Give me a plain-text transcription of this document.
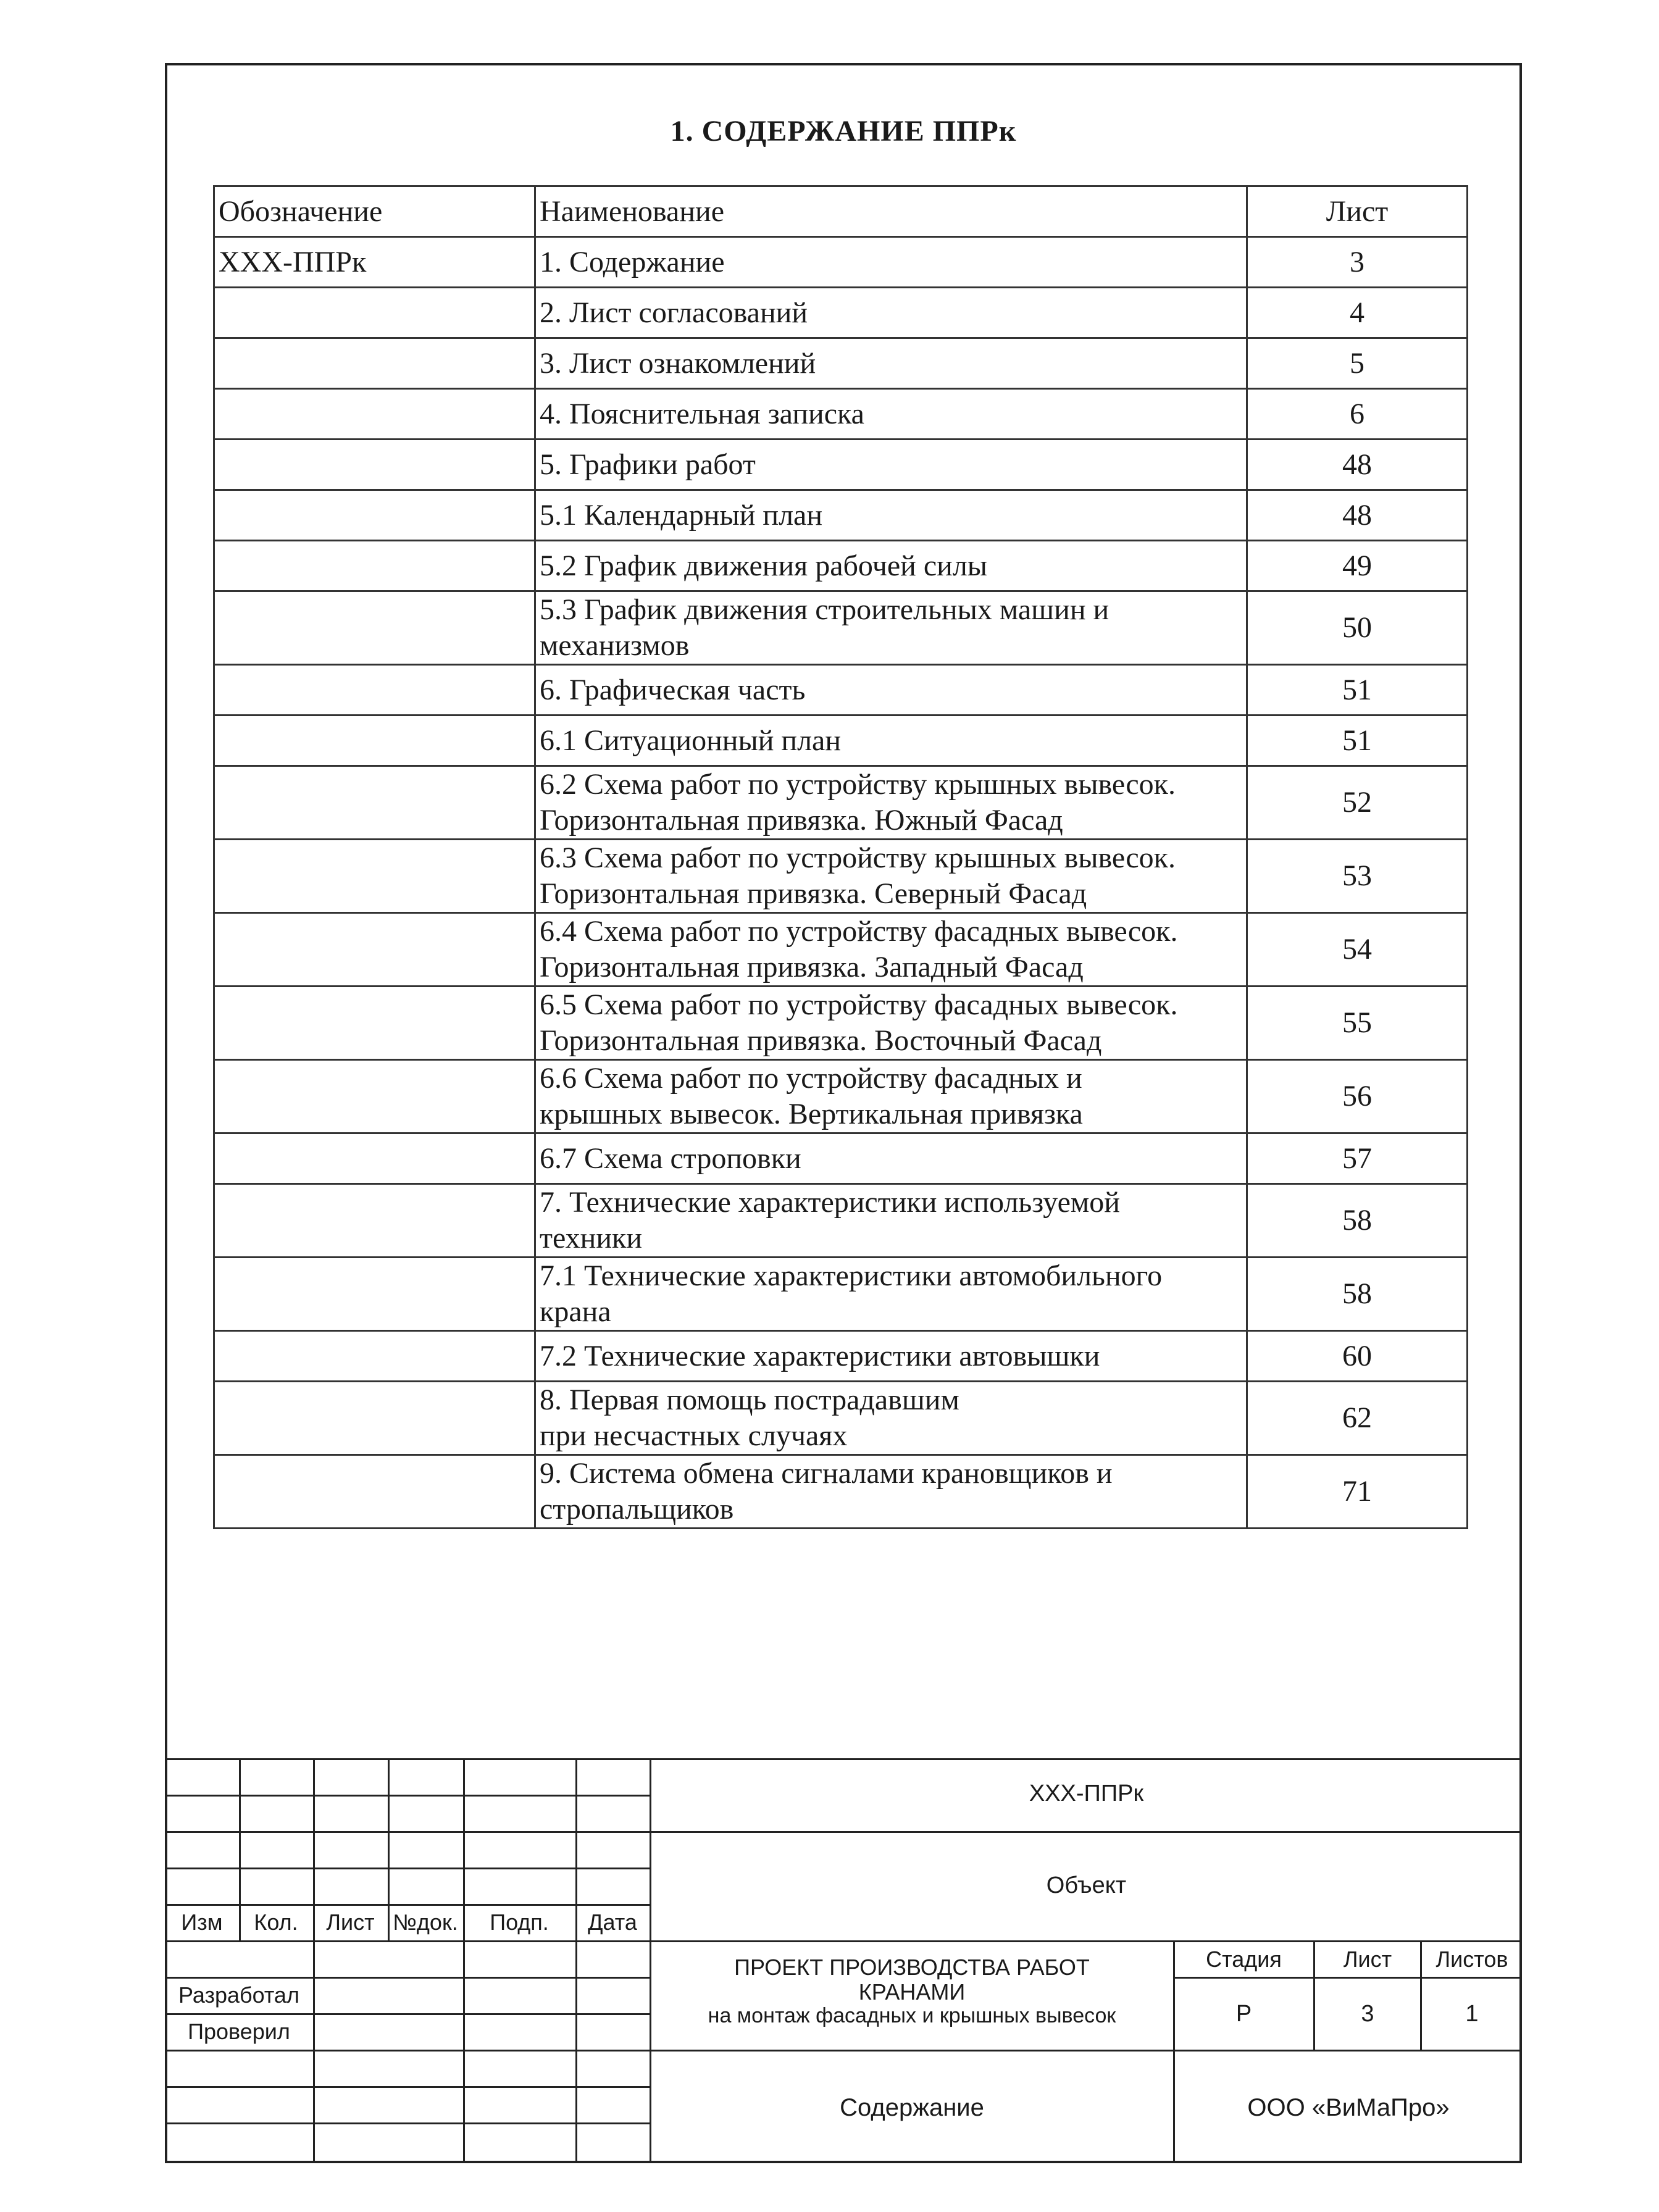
1. СОДЕРЖАНИЕ ППРк
Обозначение	Наименование	Лист
ХХХ-ППРк	1. Содержание	3
	2. Лист согласований	4
	3. Лист ознакомлений	5
	4. Пояснительная записка	6
	5. Графики работ	48
	5.1 Календарный план	48
	5.2 График движения рабочей силы	49
	5.3 График движения строительных машин и
механизмов	50
	6. Графическая часть	51
	6.1 Ситуационный план	51
	6.2 Схема работ по устройству крышных вывесок.
Горизонтальная привязка. Южный Фасад	52
	6.3 Схема работ по устройству крышных вывесок.
Горизонтальная привязка. Северный Фасад	53
	6.4 Схема работ по устройству фасадных вывесок.
Горизонтальная привязка. Западный Фасад	54
	6.5 Схема работ по устройству фасадных вывесок.
Горизонтальная привязка. Восточный Фасад	55
	6.6 Схема работ по устройству фасадных и
крышных вывесок. Вертикальная привязка	56
	6.7 Схема строповки	57
	7. Технические характеристики используемой
техники	58
	7.1 Технические характеристики автомобильного
крана	58
	7.2 Технические характеристики автовышки	60
	8. Первая помощь пострадавшим
при несчастных случаях	62
	9. Система обмена сигналами крановщиков и
стропальщиков	71
Изм	Кол.	Лист №док.	Подп.	Дата
Разработал
Проверил
ХХХ-ППРк
Объект
ПРОЕКТ ПРОИЗВОДСТВА РАБОТ
КРАНАМИ
на монтаж фасадных и крышных вывесок
Стадия	Лист	Листов
Р	3	1
Содержание	ООО «ВиМаПро»
